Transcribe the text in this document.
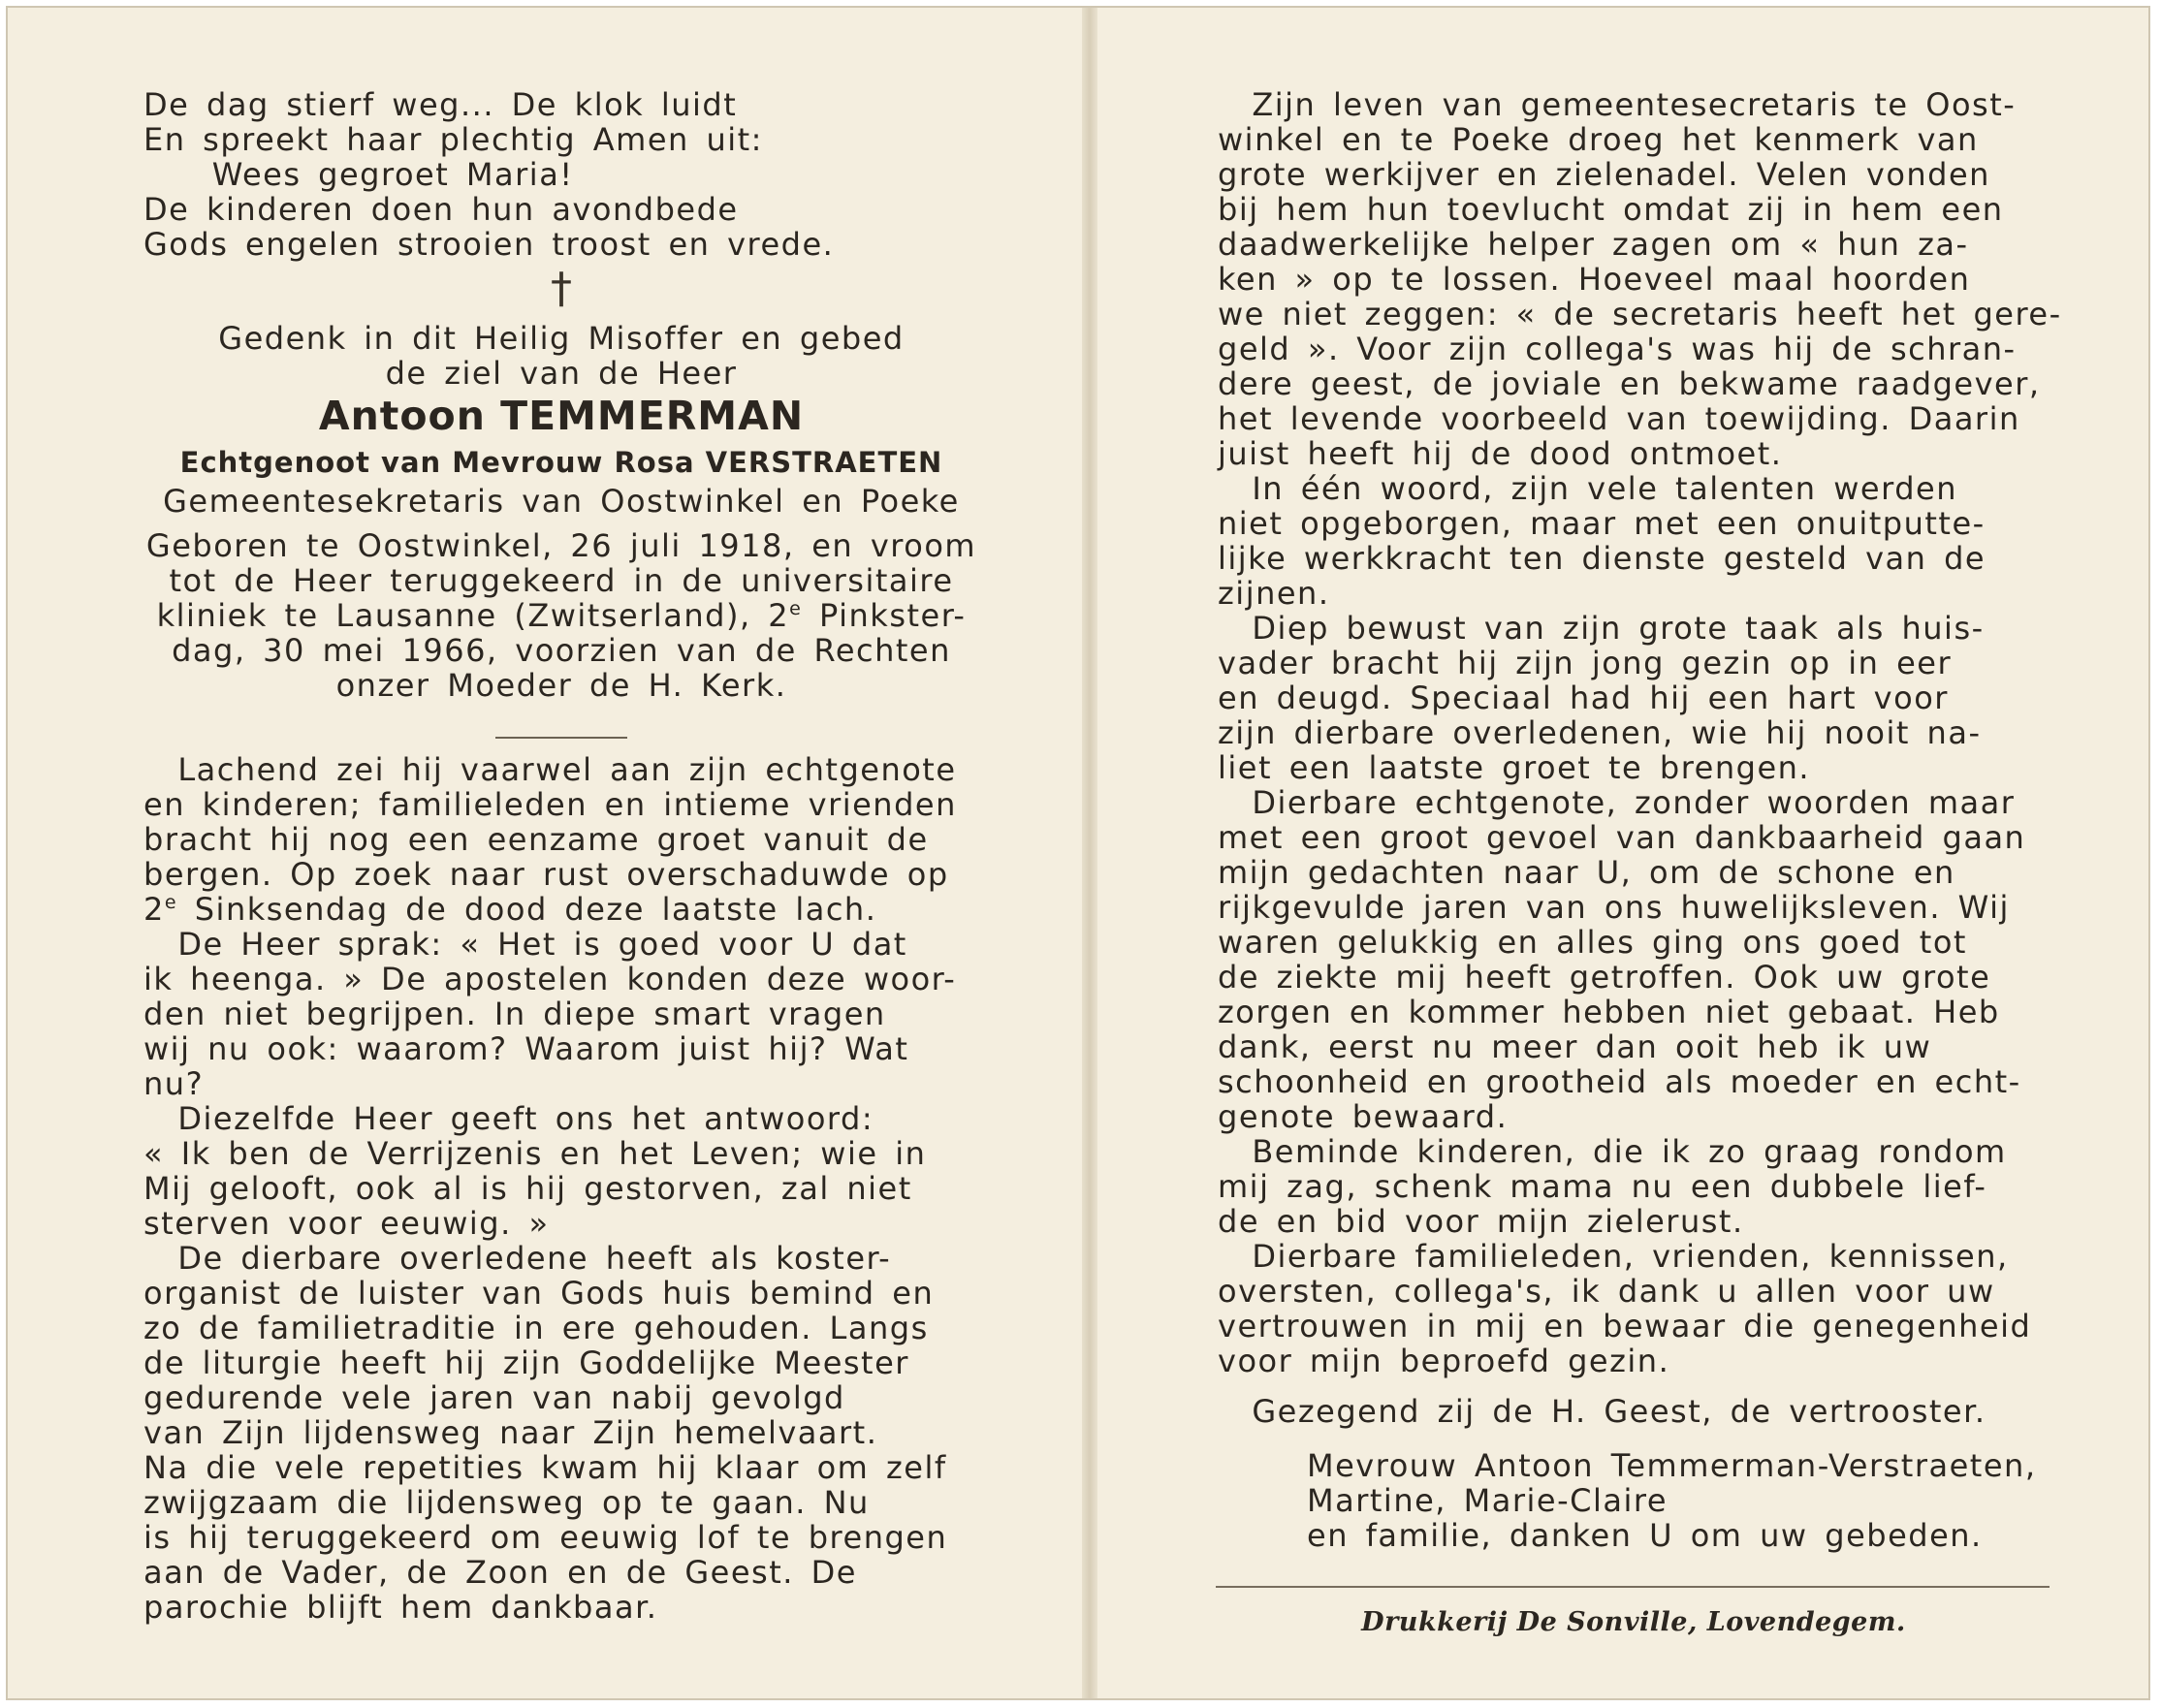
De dag stierf weg... De klok luidt
En spreekt haar plechtig Amen uit:
Wees gegroet Maria!
De kinderen doen hun avondbede
Gods engelen strooien troost en vrede.
†
Gedenk in dit Heilig Misoffer en gebed
de ziel van de Heer
Antoon TEMMERMAN
Echtgenoot van Mevrouw Rosa VERSTRAETEN
Gemeentesekretaris van Oostwinkel en Poeke
Geboren te Oostwinkel, 26 juli 1918, en vroom
tot de Heer teruggekeerd in de universitaire
kliniek te Lausanne (Zwitserland), 2e Pinkster-
dag, 30 mei 1966, voorzien van de Rechten
onzer Moeder de H. Kerk.
Lachend zei hij vaarwel aan zijn echtgenote
en kinderen; familieleden en intieme vrienden
bracht hij nog een eenzame groet vanuit de
bergen. Op zoek naar rust overschaduwde op
2e Sinksendag de dood deze laatste lach.
De Heer sprak: « Het is goed voor U dat
ik heenga. » De apostelen konden deze woor-
den niet begrijpen. In diepe smart vragen
wij nu ook: waarom? Waarom juist hij? Wat
nu?
Diezelfde Heer geeft ons het antwoord:
« Ik ben de Verrijzenis en het Leven; wie in
Mij gelooft, ook al is hij gestorven, zal niet
sterven voor eeuwig. »
De dierbare overledene heeft als koster-
organist de luister van Gods huis bemind en
zo de familietraditie in ere gehouden. Langs
de liturgie heeft hij zijn Goddelijke Meester
gedurende vele jaren van nabij gevolgd
van Zijn lijdensweg naar Zijn hemelvaart.
Na die vele repetities kwam hij klaar om zelf
zwijgzaam die lijdensweg op te gaan. Nu
is hij teruggekeerd om eeuwig lof te brengen
aan de Vader, de Zoon en de Geest. De
parochie blijft hem dankbaar.
Zijn leven van gemeentesecretaris te Oost-
winkel en te Poeke droeg het kenmerk van
grote werkijver en zielenadel. Velen vonden
bij hem hun toevlucht omdat zij in hem een
daadwerkelijke helper zagen om « hun za-
ken » op te lossen. Hoeveel maal hoorden
we niet zeggen: « de secretaris heeft het gere-
geld ». Voor zijn collega's was hij de schran-
dere geest, de joviale en bekwame raadgever,
het levende voorbeeld van toewijding. Daarin
juist heeft hij de dood ontmoet.
In één woord, zijn vele talenten werden
niet opgeborgen, maar met een onuitputte-
lijke werkkracht ten dienste gesteld van de
zijnen.
Diep bewust van zijn grote taak als huis-
vader bracht hij zijn jong gezin op in eer
en deugd. Speciaal had hij een hart voor
zijn dierbare overledenen, wie hij nooit na-
liet een laatste groet te brengen.
Dierbare echtgenote, zonder woorden maar
met een groot gevoel van dankbaarheid gaan
mijn gedachten naar U, om de schone en
rijkgevulde jaren van ons huwelijksleven. Wij
waren gelukkig en alles ging ons goed tot
de ziekte mij heeft getroffen. Ook uw grote
zorgen en kommer hebben niet gebaat. Heb
dank, eerst nu meer dan ooit heb ik uw
schoonheid en grootheid als moeder en echt-
genote bewaard.
Beminde kinderen, die ik zo graag rondom
mij zag, schenk mama nu een dubbele lief-
de en bid voor mijn zielerust.
Dierbare familieleden, vrienden, kennissen,
oversten, collega's, ik dank u allen voor uw
vertrouwen in mij en bewaar die genegenheid
voor mijn beproefd gezin.
Gezegend zij de H. Geest, de vertrooster.
Mevrouw Antoon Temmerman-Verstraeten,
Martine, Marie-Claire
en familie, danken U om uw gebeden.
Drukkerij De Sonville, Lovendegem.
